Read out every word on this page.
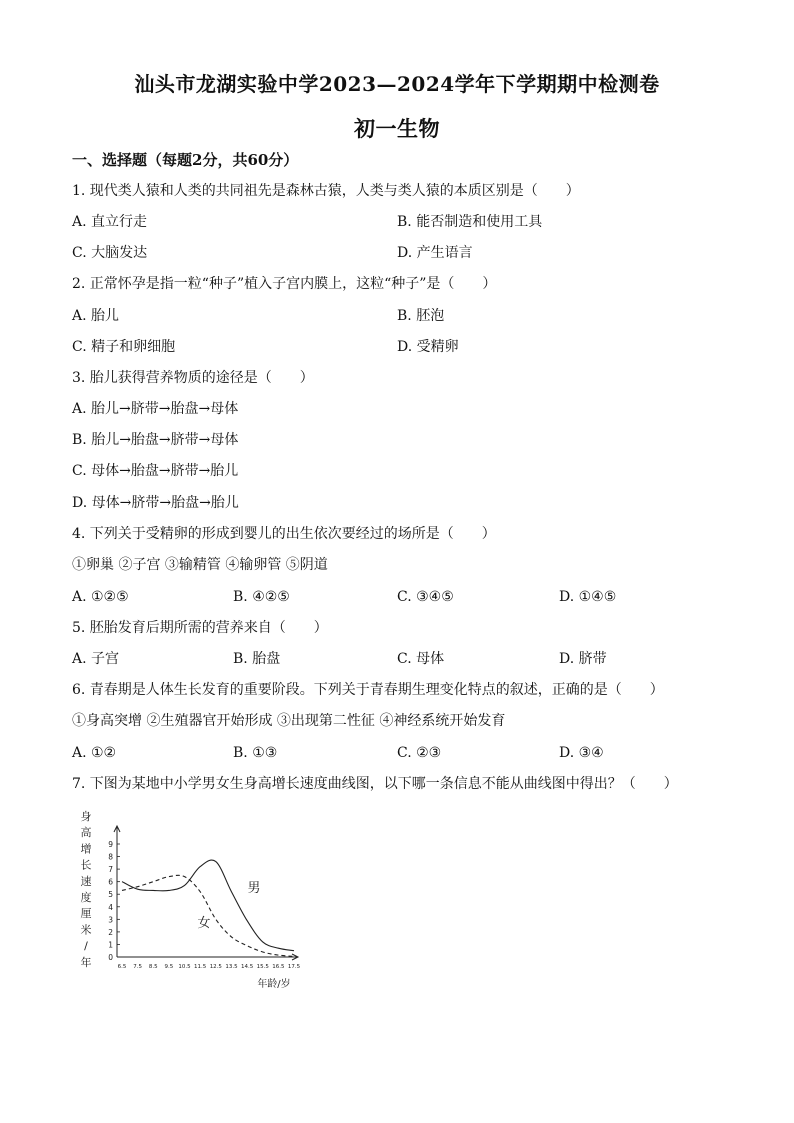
汕头市龙湖实验中学2023—2024学年下学期期中检测卷
初一生物
一、选择题（每题2分，共60分）
1. 现代类人猿和人类的共同祖先是森林古猿，人类与类人猿的本质区别是（　　）
A. 直立行走	B. 能否制造和使用工具
C. 大脑发达	D. 产生语言
2. 正常怀孕是指一粒“种子”植入子宫内膜上，这粒“种子”是（　　）
A. 胎儿	B. 胚泡
C. 精子和卵细胞	D. 受精卵
3. 胎儿获得营养物质的途径是（　　）
A. 胎儿→脐带→胎盘→母体
B. 胎儿→胎盘→脐带→母体
C. 母体→胎盘→脐带→胎儿
D. 母体→脐带→胎盘→胎儿
4. 下列关于受精卵的形成到婴儿的出生依次要经过的场所是（　　）
①卵巢 ②子宫 ③输精管 ④输卵管 ⑤阴道
A. ①②⑤	B. ④②⑤	C. ③④⑤	D. ①④⑤
5. 胚胎发育后期所需的营养来自（　　）
A. 子宫	B. 胎盘	C. 母体	D. 脐带
6. 青春期是人体生长发育的重要阶段。下列关于青春期生理变化特点的叙述，正确的是（　　）
①身高突增 ②生殖器官开始形成 ③出现第二性征 ④神经系统开始发育
A. ①②	B. ①③	C. ②③	D. ③④
7. 下图为某地中小学男女生身高增长速度曲线图，以下哪一条信息不能从曲线图中得出？（　　）
身
高
增
长
速
度
厘
米
/
年 0
1
2
3
4
5
6
7
8
9
6.5 7.5 8.5 9.5 10.5 11.5 12.5 13.5 14.5 15.5 16.5 17.5
年龄/岁
男
女
